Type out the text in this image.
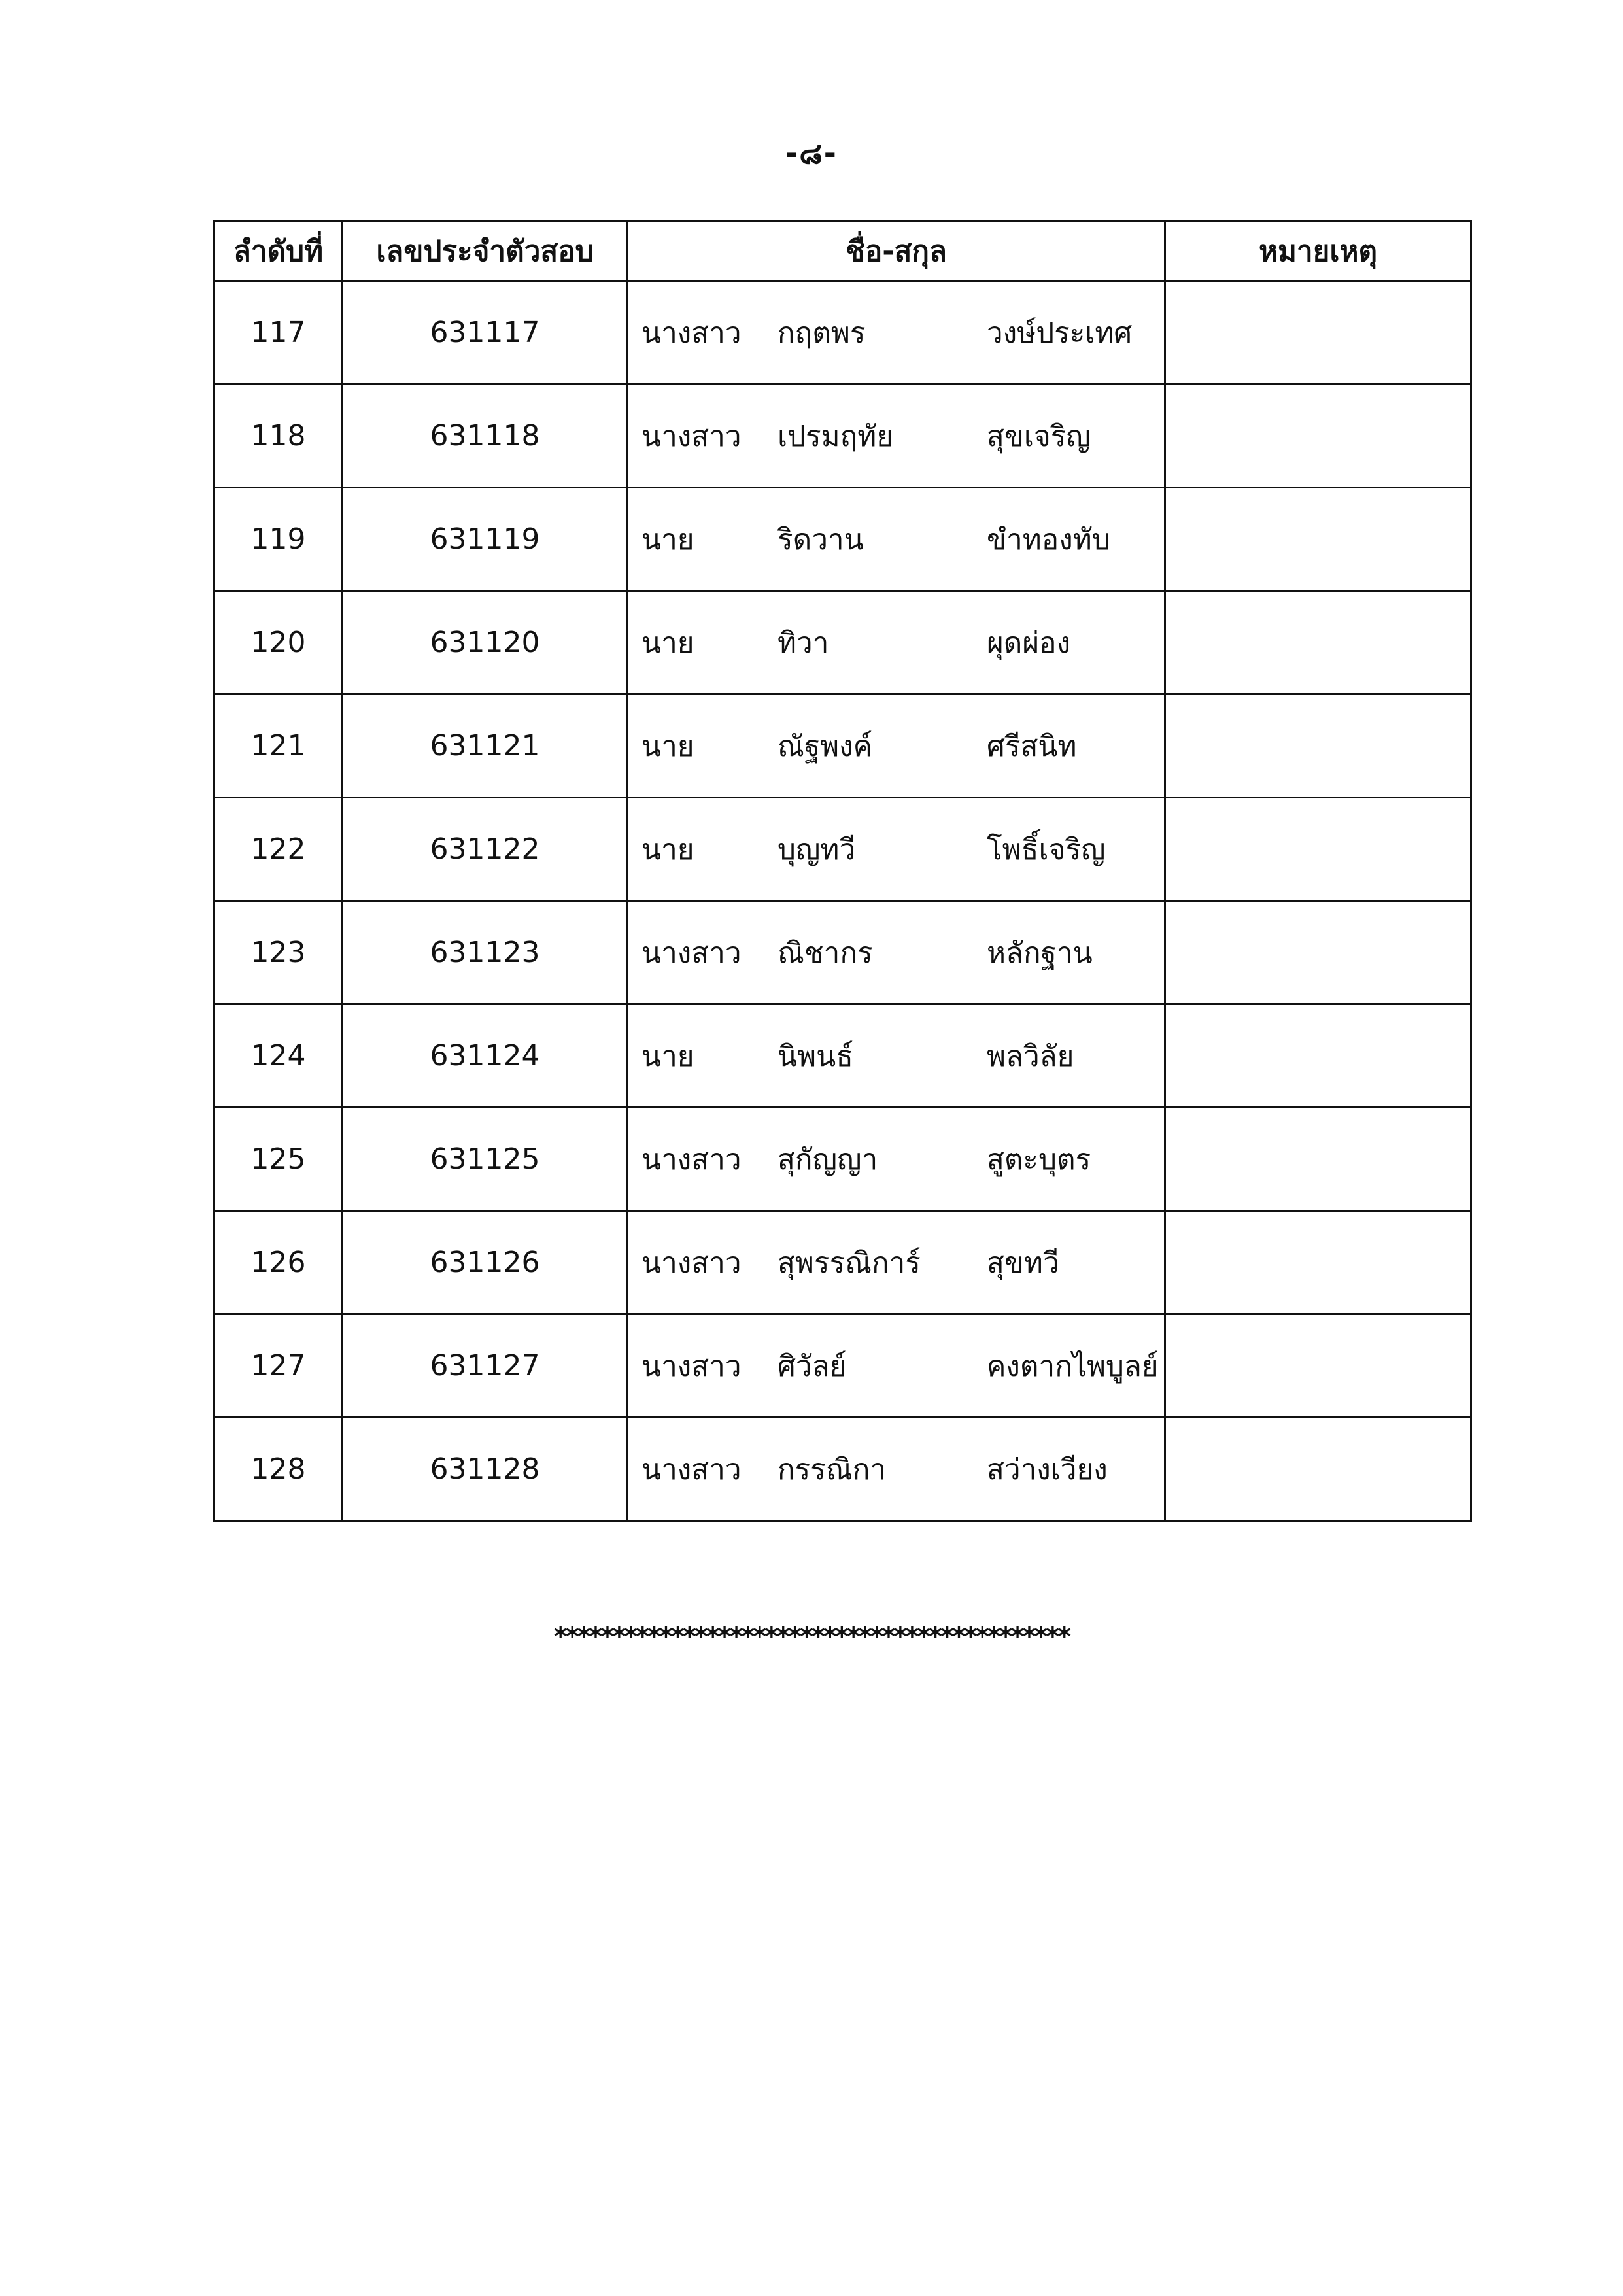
-๘-
ลำดับที่	เลขประจำตัวสอบ	ชื่อ-สกุล	หมายเหตุ
117	631117	นางสาว กฤตพร วงษ์ประเทศ	

118	631118	นางสาว เปรมฤทัย สุขเจริญ	

119	631119	นาย ริดวาน ขำทองทับ	

120	631120	นาย ทิวา ผุดผ่อง	

121	631121	นาย ณัฐพงค์ ศรีสนิท	

122	631122	นาย บุญทวี โพธิ์เจริญ	

123	631123	นางสาว ณิชากร หลักฐาน	

124	631124	นาย นิพนธ์ พลวิลัย	

125	631125	นางสาว สุกัญญา สูตะบุตร	

126	631126	นางสาว สุพรรณิการ์ สุขทวี	

127	631127	นางสาว ศิวัลย์ คงตากไพบูลย์	

128	631128	นางสาว กรรณิกา สว่างเวียง	

********************************************
